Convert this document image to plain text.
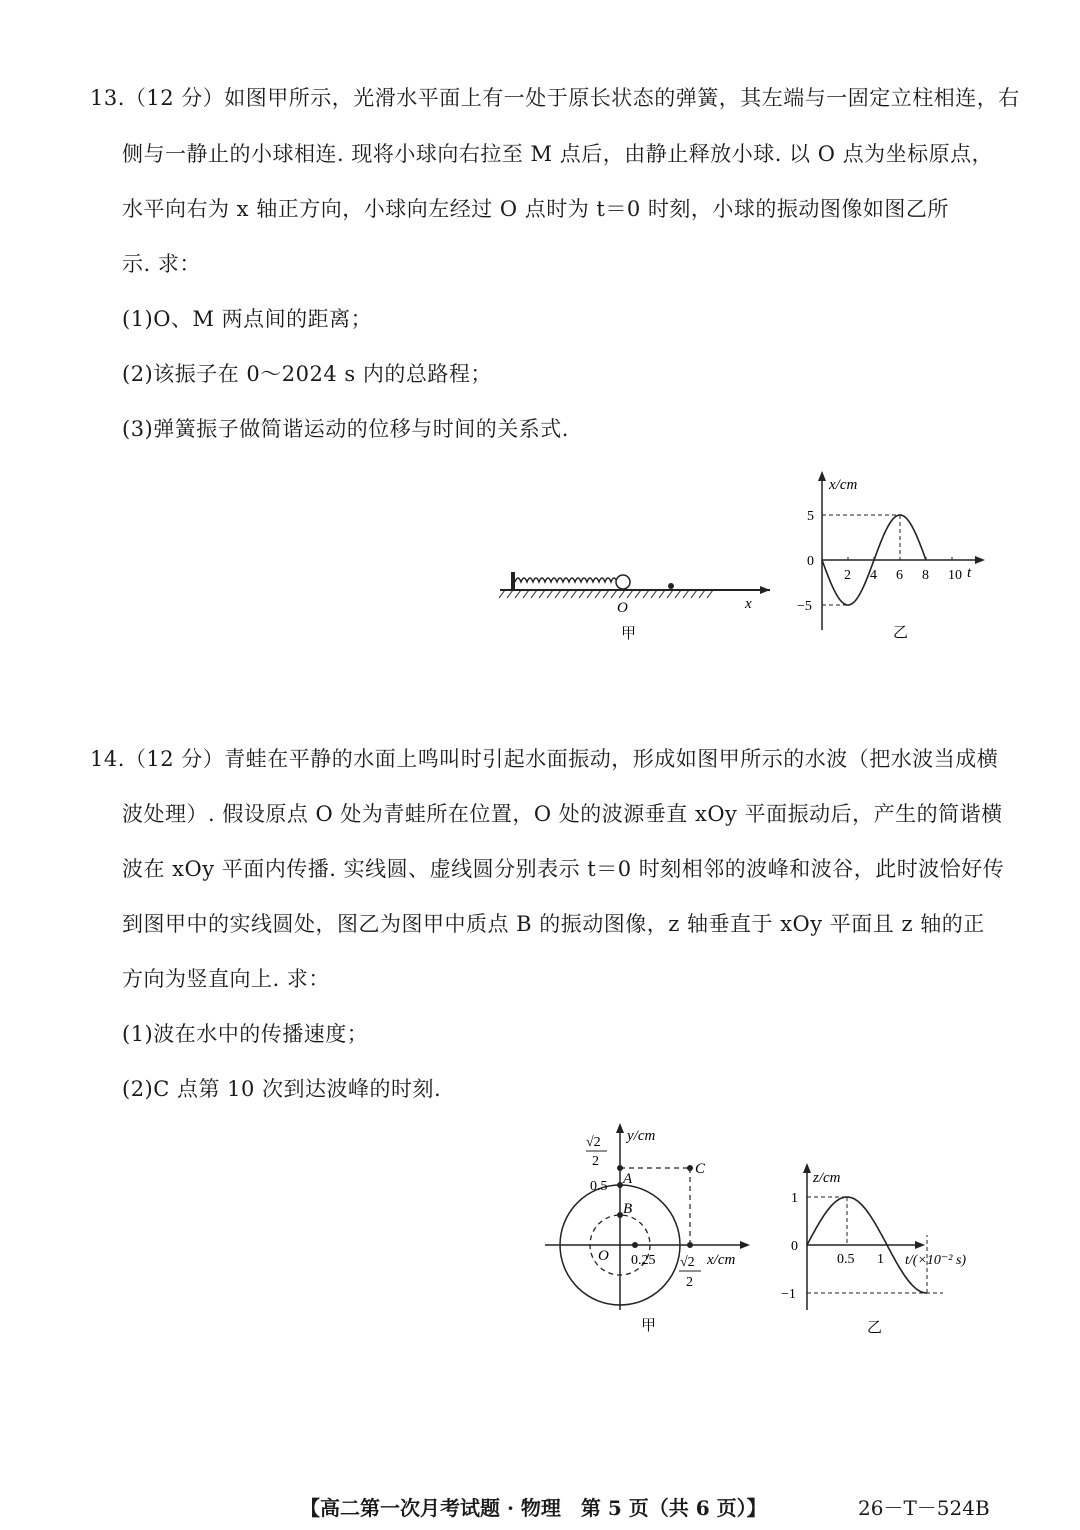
13.（12 分）如图甲所示，光滑水平面上有一处于原长状态的弹簧，其左端与一固定立柱相连，右
侧与一静止的小球相连. 现将小球向右拉至 M 点后，由静止释放小球. 以 O 点为坐标原点，
水平向右为 x 轴正方向，小球向左经过 O 点时为 t＝0 时刻，小球的振动图像如图乙所
示. 求：
(1)O、M 两点间的距离；
(2)该振子在 0～2024 s 内的总路程；
(3)弹簧振子做简谐运动的位移与时间的关系式.
O	x
甲
x/cm
t
2 4 6 8 10
5
0
−5
乙
14.（12 分）青蛙在平静的水面上鸣叫时引起水面振动，形成如图甲所示的水波（把水波当成横
波处理）. 假设原点 O 处为青蛙所在位置，O 处的波源垂直 xOy 平面振动后，产生的简谐横
波在 xOy 平面内传播. 实线圆、虚线圆分别表示 t＝0 时刻相邻的波峰和波谷，此时波恰好传
到图甲中的实线圆处，图乙为图甲中质点 B 的振动图像，z 轴垂直于 xOy 平面且 z 轴的正
方向为竖直向上. 求：
(1)波在水中的传播速度；
(2)C 点第 10 次到达波峰的时刻.
y/cm
√2
2
0.5 A
B
C
O 0.25 √2
2
x/cm
甲
z/cm
t/(×10⁻² s)
0.5 1
1
0
−1
乙
【高二第一次月考试题 · 物理　第 5 页（共 6 页）】	26－T－524B
